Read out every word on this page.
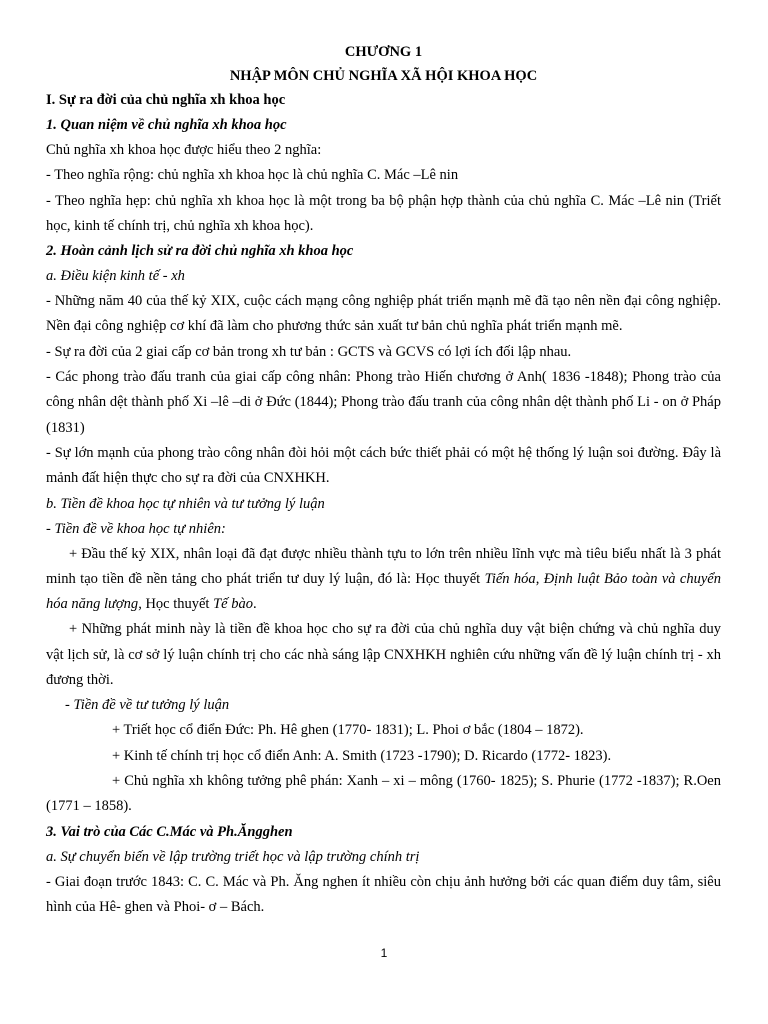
CHƯƠNG 1
NHẬP MÔN CHỦ NGHĨA XÃ HỘI KHOA HỌC
I. Sự ra đời của chủ nghĩa xh khoa học
1. Quan niệm về chủ nghĩa xh khoa học
Chủ nghĩa xh khoa học được hiểu theo 2 nghĩa:
- Theo nghĩa rộng: chủ nghĩa xh khoa học là chủ nghĩa C. Mác –Lê nin
- Theo nghĩa hẹp: chủ nghĩa xh khoa học là một trong ba bộ phận hợp thành của chủ nghĩa C. Mác –Lê nin (Triết học, kinh tế chính trị, chủ nghĩa xh khoa học).
2. Hoàn cảnh lịch sử ra đời chủ nghĩa xh khoa học
a. Điều kiện kinh tế - xh
- Những năm 40 của thế kỷ XIX, cuộc cách mạng công nghiệp phát triển mạnh mẽ đã tạo nên nền đại công nghiệp. Nền đại công nghiệp cơ khí đã làm cho phương thức sản xuất tư bản chủ nghĩa phát triển mạnh mẽ.
- Sự ra đời của 2 giai cấp cơ bản trong xh tư bản : GCTS và GCVS có lợi ích đối lập nhau.
- Các phong trào đấu tranh của giai cấp công nhân: Phong trào Hiến chương ở Anh( 1836 -1848); Phong trào của công nhân dệt thành phố Xi –lê –di ở Đức (1844); Phong trào đấu tranh của công nhân dệt thành phố Li - on ở Pháp (1831)
- Sự lớn mạnh của phong trào công nhân đòi hỏi một cách bức thiết phải có một hệ thống lý luận soi đường. Đây là mảnh đất hiện thực cho sự ra đời của CNXHKH.
b. Tiền đề khoa học tự nhiên và tư tưởng lý luận
- Tiền đề về khoa học tự nhiên:
+ Đầu thế kỷ XIX, nhân loại đã đạt được nhiều thành tựu to lớn trên nhiều lĩnh vực mà tiêu biểu nhất là 3 phát minh tạo tiền đề nền tảng cho phát triển tư duy lý luận, đó là: Học thuyết Tiến hóa, Định luật Bảo toàn và chuyển hóa năng lượng, Học thuyết Tế bào.
+ Những phát minh này là tiền đề khoa học cho sự ra đời của chủ nghĩa duy vật biện chứng và chủ nghĩa duy vật lịch sử, là cơ sở lý luận chính trị cho các nhà sáng lập CNXHKH nghiên cứu những vấn đề lý luận chính trị - xh đương thời.
- Tiền đề về tư tưởng lý luận
+ Triết học cổ điển Đức: Ph. Hê ghen (1770- 1831); L. Phoi ơ bắc (1804 – 1872).
+ Kinh tế chính trị học cổ điển Anh: A. Smith (1723 -1790); D. Ricardo (1772- 1823).
+ Chủ nghĩa xh không tưởng phê phán: Xanh – xi – mông (1760- 1825); S. Phurie (1772 -1837); R.Oen (1771 – 1858).
3. Vai trò của Các C.Mác và Ph.Ăngghen
a. Sự chuyển biến về lập trường triết học và lập trường chính trị
- Giai đoạn trước 1843: C. C. Mác và Ph. Ăng nghen ít nhiều còn chịu ảnh hưởng bởi các quan điểm duy tâm, siêu hình của Hê- ghen và Phoi- ơ – Bách.
1
